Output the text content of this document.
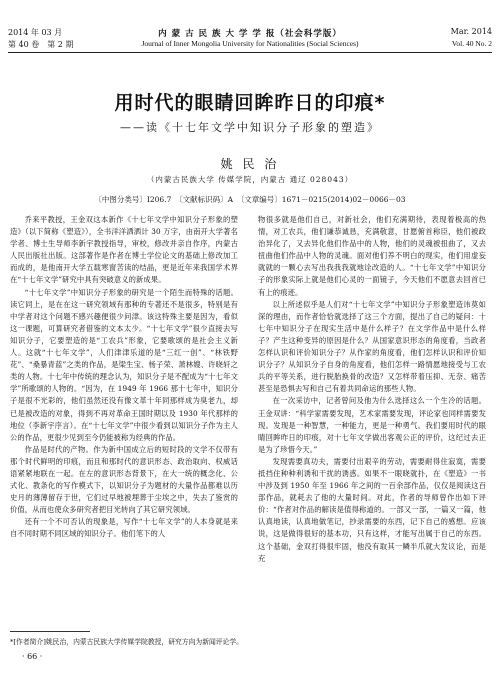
2014 年 03 月	内 蒙 古 民 族 大 学 学 报（社会科学版）	Mar. 2014
第 40 卷　第 2 期	Journal of Inner Mongolia University for Nationalities (Social Sciences)	Vol. 40 No. 2
用时代的眼睛回眸昨日的印痕*
——读《十七年文学中知识分子形象的塑造》
姚 民 治
（内蒙古民族大学 传媒学院，内蒙古 通辽 028043）
〔中图分类号〕I206.7　〔文献标识码〕A　〔文章编号〕1671－0215(2014)02－0066－03

乔来平教授，王金双这本新作《十七年文学中知识分子形象的塑造》（以下简称《塑造》），全书洋洋洒洒计 30 万字，由南开大学著名学者、博士生导师李新宇教授指导，审校，修改并亲自作序，内蒙古人民出版社出版。这部著作是作者在博士学位论文的基础上修改加工而成的，是他南开大学五载寒窗苦读的结晶，更是近年来我国学术界在“十七年文学”研究中具有突破意义的新成果。

“十七年文学”中知识分子形象的研究是一个陌生而特殊的话题。读它同上，是在在这一研究领域有那种的专著还不是很多，特别是有中学者对这个问题不感兴趣便很少问津。该这特殊主要是因为，看似这一课题，可算研究者借鉴的文本太少。“十七年文学”很少直接去写知识分子，它要塑造的是“工农兵”形象，它要歌颂的是社会主义新人。这就“十七年文学”，人们津津乐道的是“三红一创”、“林铁野花”、“桑暴青蓝”之类的作品，是梁生宝、杨子荣、萧林嫂、许晓轩之类的人物。十七年中传统的理念认为，知识分子是不配成为“十七年文学”所歌颂的人物的。“因为，在 1949 年 1966 那十七年中，知识分子是很不光彩的，他们虽然还没有像文革十年同那样成为臭老九，却已是被改造的对象，得到不再对革命王国时期以及 1930 年代那样的地位（李新宇序言）。在“十七年文学”中很少看到以知识分子作为主人公的作品，更很少见到至今仍能被称为经典的作品。

作品是时代的产物。作为新中国成立后的短时段的文学不仅带有那个时代鲜明的印痕，而且和那时代的意识形态、政治取向、权威话语紧紧地联在一起。在左的意识形态背景下，在大一统的概念化、公式化、教条化的写作模式下，以知识分子为题材的大量作品都难以历史月的薄薄留存于世，它们过早地被埋葬于尘埃之中，失去了鉴赏的价值，从而也使众多研究者把目光转向了其它研究领域。

还有一个不可否认的现象是，写作“十七年文学”的人本身就是来自不同时期不同区域的知识分子。他们笔下的人

物很多就是他们自己，对新社会，他们充满期待，表现着极高的热情，对工农兵，他们谦恭诚恳，充满敬意，甘愿俯首称臣，他们被政治异化了，又去异化他们作品中的人物，他们的灵魂被扭曲了，又去扭曲他们作品中人物的灵魂。面对他们养不明白的现实，他们用虚妄就就的一颗心去写出我我我就地诠改造的人。“十七年文学”中知识分子的形象实际上就是他们心灵的一面镜子，今天他们不愿意去回首已有上的痕迹。

以上所述似乎是人们对“十七年文学”中知识分子形象塑造讳莫如深的理由，而作者恰恰就选择了这三个方面，提出了自己的疑问：十七年中知识分子在现实生活中是什么样子？在文学作品中是什么样子？产生这种变异的原因是什么？从国家意识形态的角度看，当政者怎样认识和评价知识分子？从作家的角度看，他们怎样认识和评价知识分子？从知识分子自身的角度看，他们怎样一路情愿地接受与工农兵的平等关系，进行脱胎换骨的改造？又怎样带着压抑、无奈、痛苦甚至是恐惧去写和自己有着共同命运的那些人物。

在一次采访中，记者曾问及他为什么选择这么一个生冷的话题。王金双讲：“科学家需要发现，艺术家需要发现，评论家也同样需要发现。发现是一种智慧，一种能力，更是一种勇气。我们要用时代的眼睛回眸昨日的印痕，对十七年文学做出客观公正的评价，这纪过去正是为了珍惜今天。”

发现需要真功夫，需要付出艰辛的劳动，需要耐得住寂寞，需要抵挡住种种利诱和干扰的诱惑。如果不一眼晓就扑，在《塑造》一书中涉及到 1950 年至 1966 年之间的一百余部作品，仅仅是阅读这百部作品，就耗去了他的大量时间。对此，作者的导师曾作出如下评价：“作者对作品的解读是值得称道的。一部又一部，一篇又一篇，他认真地读，认真地做笔记，抄录需要的东西，记下自己的感想。应该说，这是做得很好的基本功，只有这样，才能写出属于自己的东西。这个基础，金双打得很牢固，他没有取其一鳞半爪就大发议论，而是充

*[作者简介]姚民治，内蒙古民族大学传媒学院教授，研究方向为新闻评论学。
· 66 ·
